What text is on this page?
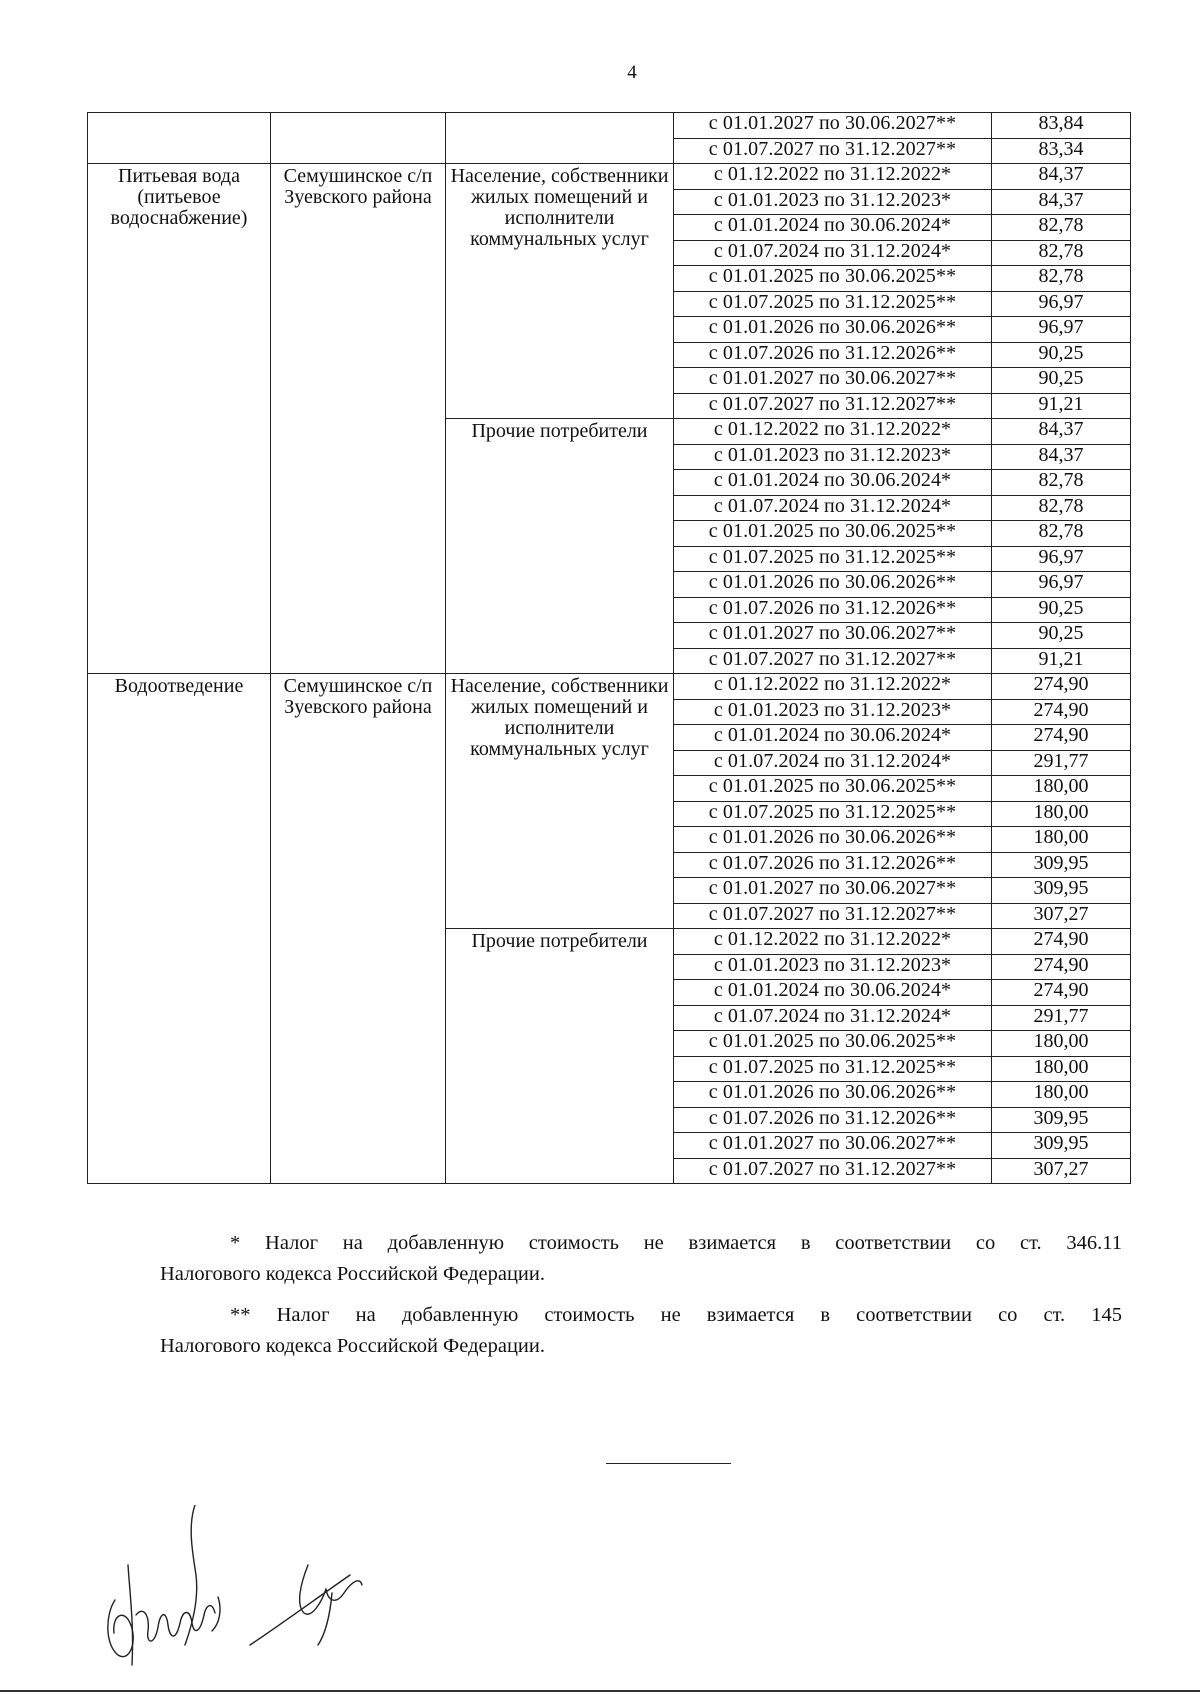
4
			с 01.01.2027 по 30.06.2027**	83,84
			с 01.07.2027 по 31.12.2027**	83,34
Питьевая вода (питьевое водоснабжение)	Семушинское с/п Зуевского района	Население, собственники жилых помещений и исполнители коммунальных услуг	с 01.12.2022 по 31.12.2022*	84,37
			с 01.01.2023 по 31.12.2023*	84,37
			с 01.01.2024 по 30.06.2024*	82,78
			с 01.07.2024 по 31.12.2024*	82,78
			с 01.01.2025 по 30.06.2025**	82,78
			с 01.07.2025 по 31.12.2025**	96,97
			с 01.01.2026 по 30.06.2026**	96,97
			с 01.07.2026 по 31.12.2026**	90,25
			с 01.01.2027 по 30.06.2027**	90,25
			с 01.07.2027 по 31.12.2027**	91,21
		Прочие потребители	с 01.12.2022 по 31.12.2022*	84,37
			с 01.01.2023 по 31.12.2023*	84,37
			с 01.01.2024 по 30.06.2024*	82,78
			с 01.07.2024 по 31.12.2024*	82,78
			с 01.01.2025 по 30.06.2025**	82,78
			с 01.07.2025 по 31.12.2025**	96,97
			с 01.01.2026 по 30.06.2026**	96,97
			с 01.07.2026 по 31.12.2026**	90,25
			с 01.01.2027 по 30.06.2027**	90,25
			с 01.07.2027 по 31.12.2027**	91,21
Водоотведение	Семушинское с/п Зуевского района	Население, собственники жилых помещений и исполнители коммунальных услуг	с 01.12.2022 по 31.12.2022*	274,90
			с 01.01.2023 по 31.12.2023*	274,90
			с 01.01.2024 по 30.06.2024*	274,90
			с 01.07.2024 по 31.12.2024*	291,77
			с 01.01.2025 по 30.06.2025**	180,00
			с 01.07.2025 по 31.12.2025**	180,00
			с 01.01.2026 по 30.06.2026**	180,00
			с 01.07.2026 по 31.12.2026**	309,95
			с 01.01.2027 по 30.06.2027**	309,95
			с 01.07.2027 по 31.12.2027**	307,27
		Прочие потребители	с 01.12.2022 по 31.12.2022*	274,90
			с 01.01.2023 по 31.12.2023*	274,90
			с 01.01.2024 по 30.06.2024*	274,90
			с 01.07.2024 по 31.12.2024*	291,77
			с 01.01.2025 по 30.06.2025**	180,00
			с 01.07.2025 по 31.12.2025**	180,00
			с 01.01.2026 по 30.06.2026**	180,00
			с 01.07.2026 по 31.12.2026**	309,95
			с 01.01.2027 по 30.06.2027**	309,95
			с 01.07.2027 по 31.12.2027**	307,27
* Налог на добавленную стоимость не взимается в соответствии со ст. 346.11
Налогового кодекса Российской Федерации.
** Налог на добавленную стоимость не взимается в соответствии со ст. 145
Налогового кодекса Российской Федерации.
